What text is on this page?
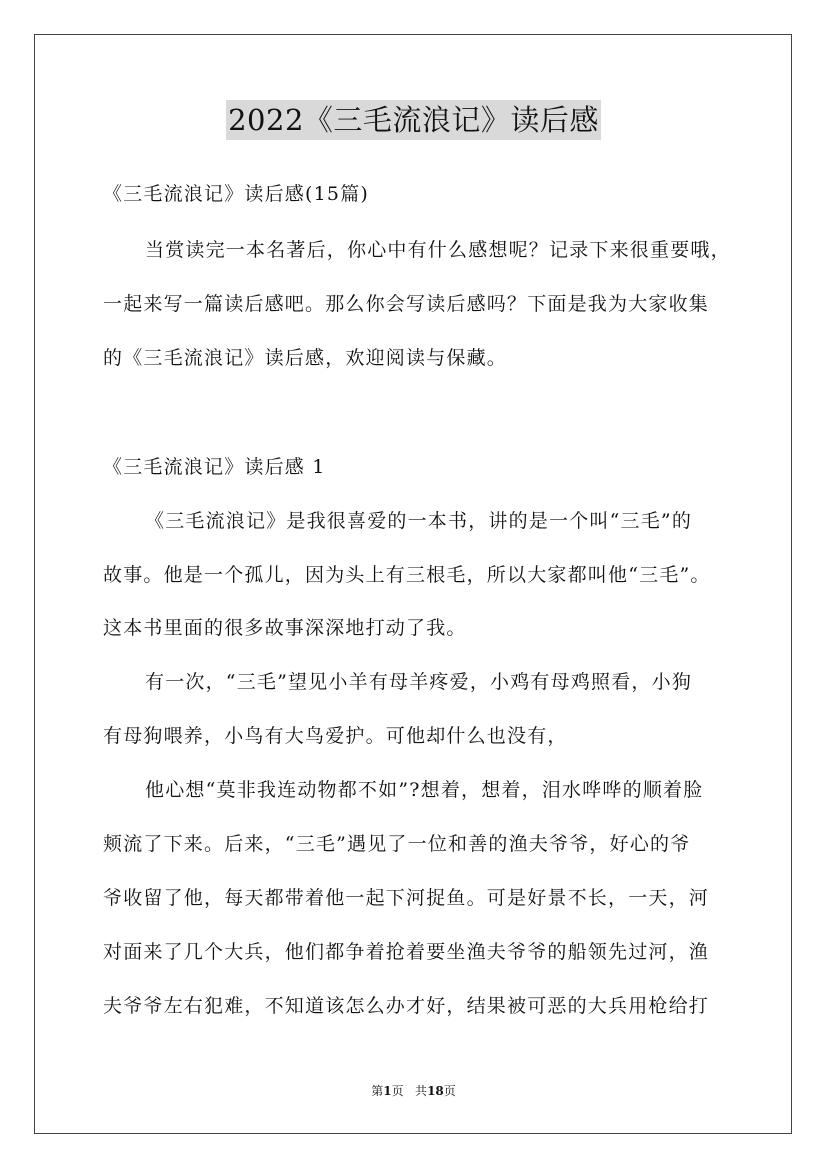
2022《三毛流浪记》读后感
《三毛流浪记》读后感(15篇)
当赏读完一本名著后，你心中有什么感想呢？记录下来很重要哦，
一起来写一篇读后感吧。那么你会写读后感吗？下面是我为大家收集
的《三毛流浪记》读后感，欢迎阅读与保藏。
《三毛流浪记》读后感 1
《三毛流浪记》是我很喜爱的一本书，讲的是一个叫“三毛”的
故事。他是一个孤儿，因为头上有三根毛，所以大家都叫他“三毛”。
这本书里面的很多故事深深地打动了我。
有一次，“三毛”望见小羊有母羊疼爱，小鸡有母鸡照看，小狗
有母狗喂养，小鸟有大鸟爱护。可他却什么也没有，
他心想“莫非我连动物都不如”?想着，想着，泪水哗哗的顺着脸
颊流了下来。后来，“三毛”遇见了一位和善的渔夫爷爷，好心的爷
爷收留了他，每天都带着他一起下河捉鱼。可是好景不长，一天，河
对面来了几个大兵，他们都争着抢着要坐渔夫爷爷的船领先过河，渔
夫爷爷左右犯难，不知道该怎么办才好，结果被可恶的大兵用枪给打
第1页 共18页
